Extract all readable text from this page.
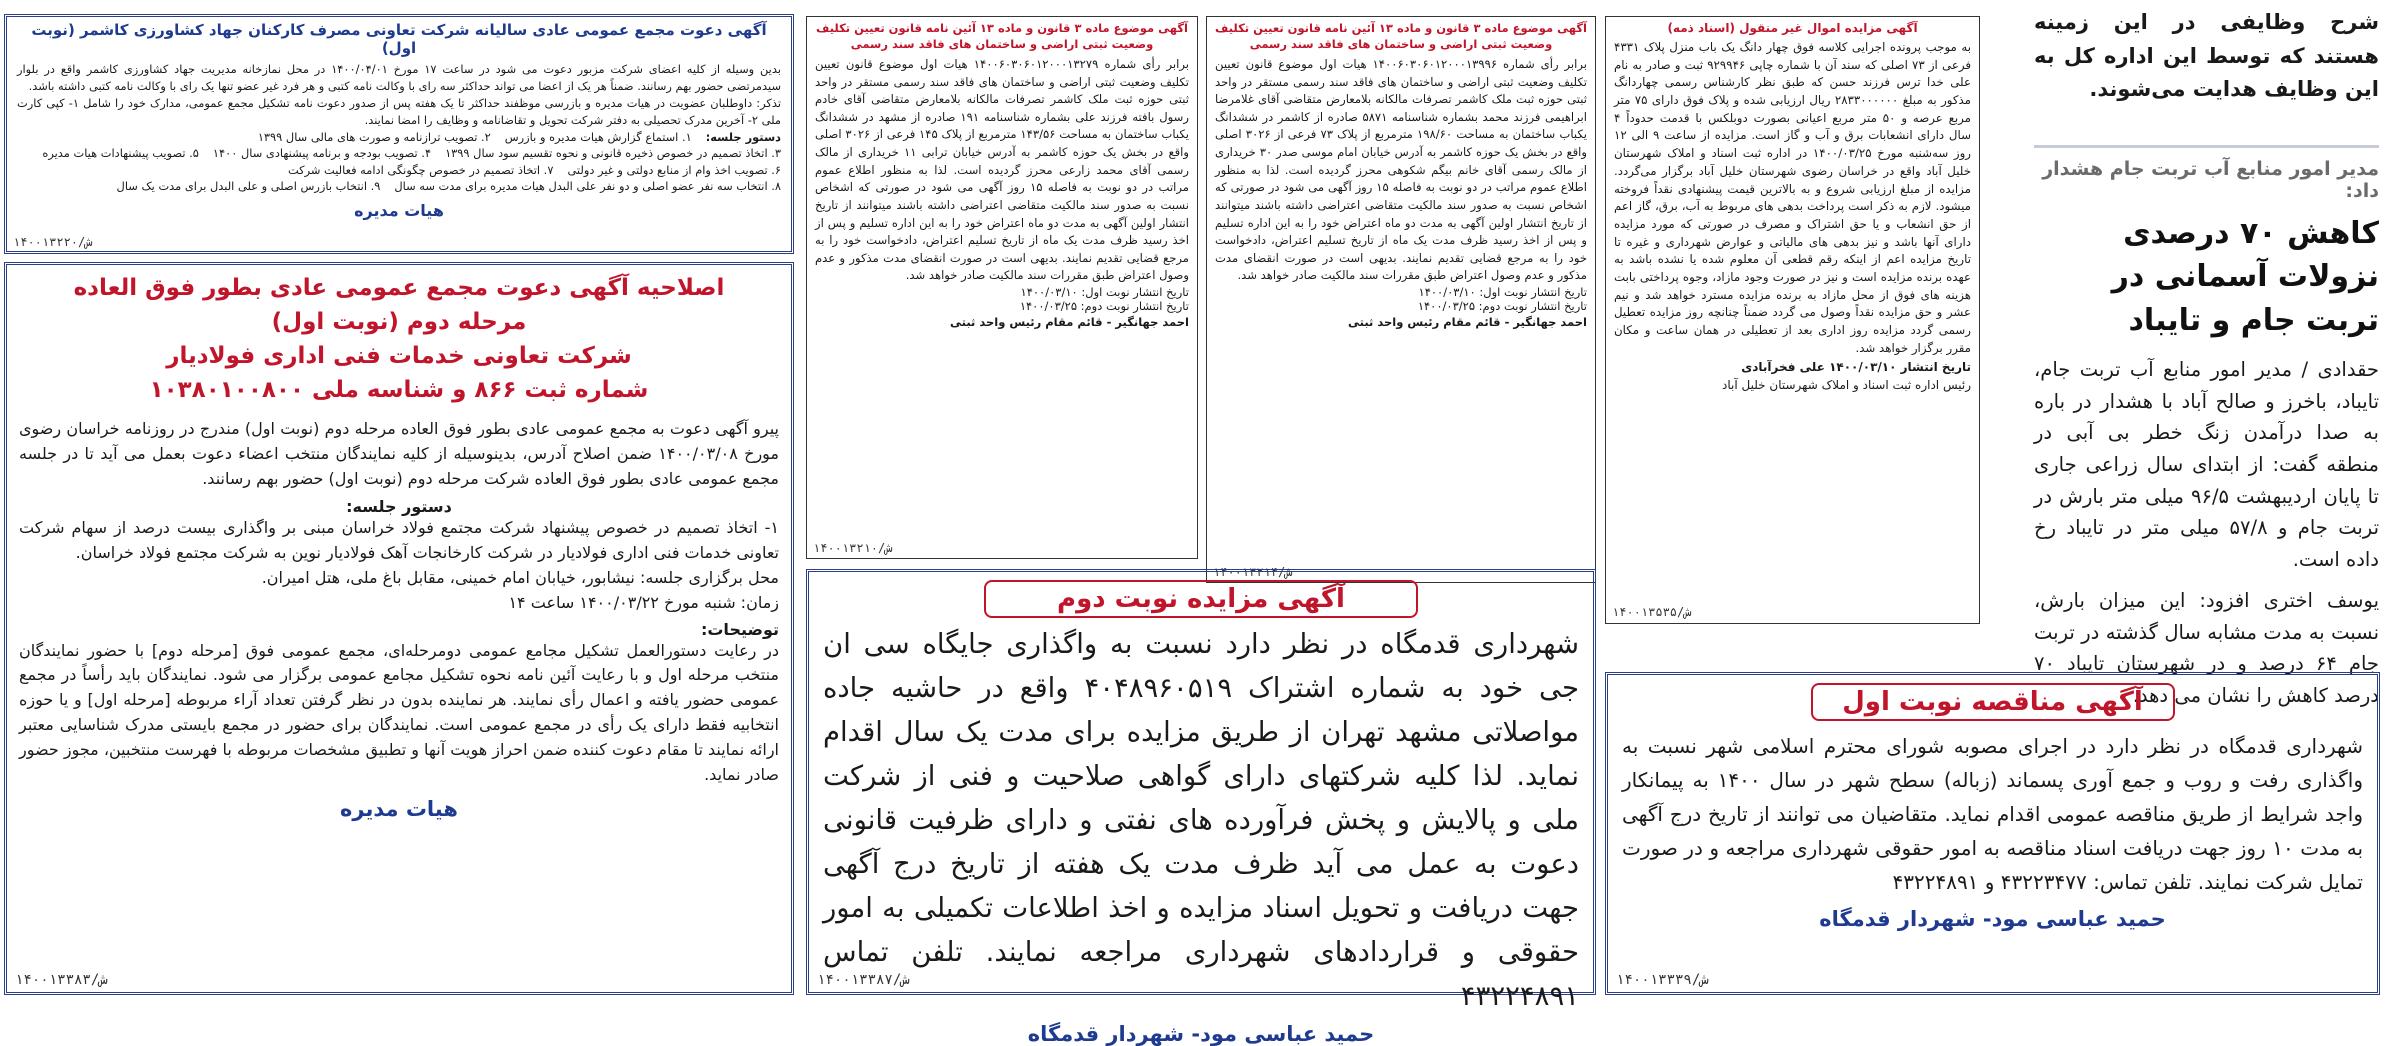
شرح وظایفی در این زمینه هستند که توسط این اداره کل به این وظایف هدایت می‌شوند.

مدیر امور منابع آب تربت جام هشدار داد:
کاهش ۷۰ درصدی نزولات آسمانی در تربت جام و تایباد

حقدادی / مدیر امور منابع آب تربت جام، تایباد، باخرز و صالح آباد با هشدار در باره به صدا درآمدن زنگ خطر بی آبی در منطقه گفت: از ابتدای سال زراعی جاری تا پایان اردیبهشت ۹۶/۵ میلی متر بارش در تربت جام و ۵۷/۸ میلی متر در تایباد رخ داده است.

یوسف اختری افزود: این میزان بارش، نسبت به مدت مشابه سال گذشته در تربت جام ۶۴ درصد و در شهرستان تایباد ۷۰ درصد کاهش را نشان می دهد.

آگهی مزایده اموال غیر منقول (اسناد ذمه)

به موجب پرونده اجرایی کلاسه فوق چهار دانگ یک باب منزل پلاک ۴۳۳۱ فرعی از ۷۳ اصلی که سند آن با شماره چاپی ۹۲۹۹۴۶ ثبت و صادر به نام علی خدا ترس فرزند حسن که طبق نظر کارشناس رسمی چهاردانگ مذکور به مبلغ ۲۸۳۳۰۰۰۰۰۰ ریال ارزیابی شده و پلاک فوق دارای ۷۵ متر مربع عرصه و ۵۰ متر مربع اعیانی بصورت دوبلکس با قدمت حدوداً ۴ سال دارای انشعابات برق و آب و گاز است. مزایده از ساعت ۹ الی ۱۲ روز سه‌شنبه مورخ ۱۴۰۰/۰۳/۲۵ در اداره ثبت اسناد و املاک شهرستان خلیل آباد واقع در خراسان رضوی شهرستان خلیل آباد برگزار می‌گردد. مزایده از مبلغ ارزیابی شروع و به بالاترین قیمت پیشنهادی نقداً فروخته میشود. لازم به ذکر است پرداخت بدهی های مربوط به آب، برق، گاز اعم از حق انشعاب و یا حق اشتراک و مصرف در صورتی که مورد مزایده دارای آنها باشد و نیز بدهی های مالیاتی و عوارض شهرداری و غیره تا تاریخ مزایده اعم از اینکه رقم قطعی آن معلوم شده یا نشده باشد به عهده برنده مزایده است و نیز در صورت وجود مازاد، وجوه پرداختی بابت هزینه های فوق از محل مازاد به برنده مزایده مسترد خواهد شد و نیم عشر و حق مزایده نقداً وصول می گردد ضمناً چنانچه روز مزایده تعطیل رسمی گردد مزایده روز اداری بعد از تعطیلی در همان ساعت و مکان مقرر برگزار خواهد شد.

تاریخ انتشار ۱۴۰۰/۰۳/۱۰ علی فخرآبادی
رئیس اداره ثبت اسناد و املاک شهرستان خلیل آباد
۱۴۰۰۱۳۵۳۵/ش
آگهی موضوع ماده ۳ قانون و ماده ۱۳ آئین نامه قانون تعیین تکلیف وضعیت ثبتی اراضی و ساختمان های فاقد سند رسمی

برابر رأی شماره ۱۴۰۰۶۰۳۰۶۰۱۲۰۰۰۱۳۹۹۶ هیات اول موضوع قانون تعیین تکلیف وضعیت ثبتی اراضی و ساختمان های فاقد سند رسمی مستقر در واحد ثبتی حوزه ثبت ملک کاشمر تصرفات مالکانه بلامعارض متقاضی آقای غلامرضا ابراهیمی فرزند محمد بشماره شناسنامه ۵۸۷۱ صادره از کاشمر در ششدانگ یکباب ساختمان به مساحت ۱۹۸/۶۰ مترمربع از پلاک ۷۳ فرعی از ۳۰۲۶ اصلی واقع در بخش یک حوزه کاشمر به آدرس خیابان امام موسی صدر ۳۰ خریداری از مالک رسمی آقای خانم بیگم شکوهی محرز گردیده است. لذا به منظور اطلاع عموم مراتب در دو نوبت به فاصله ۱۵ روز آگهی می شود در صورتی که اشخاص نسبت به صدور سند مالکیت متقاضی اعتراضی داشته باشند میتوانند از تاریخ انتشار اولین آگهی به مدت دو ماه اعتراض خود را به این اداره تسلیم و پس از اخذ رسید ظرف مدت یک ماه از تاریخ تسلیم اعتراض، دادخواست خود را به مرجع قضایی تقدیم نمایند. بدیهی است در صورت انقضای مدت مذکور و عدم وصول اعتراض طبق مقررات سند مالکیت صادر خواهد شد.

تاریخ انتشار نوبت اول: ۱۴۰۰/۰۳/۱۰
تاریخ انتشار نوبت دوم: ۱۴۰۰/۰۳/۲۵
احمد جهانگیر - قائم مقام رئیس واحد ثبتی
۱۴۰۰۱۳۲۱۴/ش
آگهی موضوع ماده ۳ قانون و ماده ۱۳ آئین نامه قانون تعیین تکلیف وضعیت ثبتی اراضی و ساختمان های فاقد سند رسمی

برابر رأی شماره ۱۴۰۰۶۰۳۰۶۰۱۲۰۰۰۱۳۲۷۹ هیات اول موضوع قانون تعیین تکلیف وضعیت ثبتی اراضی و ساختمان های فاقد سند رسمی مستقر در واحد ثبتی حوزه ثبت ملک کاشمر تصرفات مالکانه بلامعارض متقاضی آقای خادم رسول بافته فرزند علی بشماره شناسنامه ۱۹۱ صادره از مشهد در ششدانگ یکباب ساختمان به مساحت ۱۴۳/۵۶ مترمربع از پلاک ۱۴۵ فرعی از ۳۰۲۶ اصلی واقع در بخش یک حوزه کاشمر به آدرس خیابان ترابی ۱۱ خریداری از مالک رسمی آقای محمد زارعی محرز گردیده است. لذا به منظور اطلاع عموم مراتب در دو نوبت به فاصله ۱۵ روز آگهی می شود در صورتی که اشخاص نسبت به صدور سند مالکیت متقاضی اعتراضی داشته باشند میتوانند از تاریخ انتشار اولین آگهی به مدت دو ماه اعتراض خود را به این اداره تسلیم و پس از اخذ رسید ظرف مدت یک ماه از تاریخ تسلیم اعتراض، دادخواست خود را به مرجع قضایی تقدیم نمایند. بدیهی است در صورت انقضای مدت مذکور و عدم وصول اعتراض طبق مقررات سند مالکیت صادر خواهد شد.

تاریخ انتشار نوبت اول: ۱۴۰۰/۰۳/۱۰
تاریخ انتشار نوبت دوم: ۱۴۰۰/۰۳/۲۵
احمد جهانگیر - قائم مقام رئیس واحد ثبتی
۱۴۰۰۱۳۲۱۰/ش
آگهی دعوت مجمع عمومی عادی سالیانه شرکت تعاونی مصرف کارکنان جهاد کشاورزی کاشمر (نوبت اول)

بدین وسیله از کلیه اعضای شرکت مزبور دعوت می شود در ساعت ۱۷ مورخ ۱۴۰۰/۰۴/۰۱ در محل نمازخانه مدیریت جهاد کشاورزی کاشمر واقع در بلوار سیدمرتضی حضور بهم رسانند. ضمناً هر یک از اعضا می تواند حداکثر سه رای با وکالت نامه کتبی و هر فرد غیر عضو تنها یک رای با وکالت نامه کتبی داشته باشد.

تذکر: داوطلبان عضویت در هیات مدیره و بازرسی موظفند حداکثر تا یک هفته پس از صدور دعوت نامه تشکیل مجمع عمومی، مدارک خود را شامل ۱- کپی کارت ملی ۲- آخرین مدرک تحصیلی به دفتر شرکت تحویل و تقاضانامه و وظایف را امضا نمایند.

دستور جلسه:
۱. استماع گزارش هیات مدیره و بازرس
۲. تصویب ترازنامه و صورت های مالی سال ۱۳۹۹
۳. اتخاذ تصمیم در خصوص ذخیره قانونی و نحوه تقسیم سود سال ۱۳۹۹
۴. تصویب بودجه و برنامه پیشنهادی سال ۱۴۰۰
۵. تصویب پیشنهادات هیات مدیره
۶. تصویب اخذ وام از منابع دولتی و غیر دولتی
۷. اتخاذ تصمیم در خصوص چگونگی ادامه فعالیت شرکت
۸. انتخاب سه نفر عضو اصلی و دو نفر علی البدل هیات مدیره برای مدت سه سال
۹. انتخاب بازرس اصلی و علی البدل برای مدت یک سال
هیات مدیره
۱۴۰۰۱۳۲۲۰/ش
اصلاحیه آگهی دعوت مجمع عمومی عادی بطور فوق العاده
مرحله دوم (نوبت اول)
شرکت تعاونی خدمات فنی اداری فولادیار
شماره ثبت ۸۶۶ و شناسه ملی ۱۰۳۸۰۱۰۰۸۰۰

پیرو آگهی دعوت به مجمع عمومی عادی بطور فوق العاده مرحله دوم (نوبت اول) مندرج در روزنامه خراسان رضوی مورخ ۱۴۰۰/۰۳/۰۸ ضمن اصلاح آدرس، بدینوسیله از کلیه نمایندگان منتخب اعضاء دعوت بعمل می آید تا در جلسه مجمع عمومی عادی بطور فوق العاده شرکت مرحله دوم (نوبت اول) حضور بهم رسانند.

دستور جلسه:

۱- اتخاذ تصمیم در خصوص پیشنهاد شرکت مجتمع فولاد خراسان مبنی بر واگذاری بیست درصد از سهام شرکت تعاونی خدمات فنی اداری فولادیار در شرکت کارخانجات آهک فولادیار نوین به شرکت مجتمع فولاد خراسان.

محل برگزاری جلسه: نیشابور، خیابان امام خمینی، مقابل باغ ملی، هتل امیران.
زمان: شنبه مورخ ۱۴۰۰/۰۳/۲۲ ساعت ۱۴
توضیحات:

در رعایت دستورالعمل تشکیل مجامع عمومی دومرحله‌ای، مجمع عمومی فوق [مرحله دوم] با حضور نمایندگان منتخب مرحله اول و با رعایت آئین نامه نحوه تشکیل مجامع عمومی برگزار می شود. نمایندگان باید رأساً در مجمع عمومی حضور یافته و اعمال رأی نمایند. هر نماینده بدون در نظر گرفتن تعداد آراء مربوطه [مرحله اول] و یا حوزه انتخابیه فقط دارای یک رأی در مجمع عمومی است. نمایندگان برای حضور در مجمع بایستی مدرک شناسایی معتبر ارائه نمایند تا مقام دعوت کننده ضمن احراز هویت آنها و تطبیق مشخصات مربوطه با فهرست منتخبین، مجوز حضور صادر نماید.

هیات مدیره
۱۴۰۰۱۳۳۸۳/ش
آگهی مزایده نوبت دوم

شهرداری قدمگاه در نظر دارد نسبت به واگذاری جایگاه سی ان جی خود به شماره اشتراک ۴۰۴۸۹۶۰۵۱۹ واقع در حاشیه جاده مواصلاتی مشهد تهران از طریق مزایده برای مدت یک سال اقدام نماید. لذا کلیه شرکتهای دارای گواهی صلاحیت و فنی از شرکت ملی و پالایش و پخش فرآورده های نفتی و دارای ظرفیت قانونی دعوت به عمل می آید ظرف مدت یک هفته از تاریخ درج آگهی جهت دریافت و تحویل اسناد مزایده و اخذ اطلاعات تکمیلی به امور حقوقی و قراردادهای شهرداری مراجعه نمایند. تلفن تماس ۴۳۲۲۴۸۹۱

حمید عباسی مود- شهردار قدمگاه
۱۴۰۰۱۳۳۸۷/ش
آگهی مناقصه نوبت اول

شهرداری قدمگاه در نظر دارد در اجرای مصوبه شورای محترم اسلامی شهر نسبت به واگذاری رفت و روب و جمع آوری پسماند (زباله) سطح شهر در سال ۱۴۰۰ به پیمانکار واجد شرایط از طریق مناقصه عمومی اقدام نماید. متقاضیان می توانند از تاریخ درج آگهی به مدت ۱۰ روز جهت دریافت اسناد مناقصه به امور حقوقی شهرداری مراجعه و در صورت تمایل شرکت نمایند. تلفن تماس: ۴۳۲۲۳۴۷۷ و ۴۳۲۲۴۸۹۱

حمید عباسی مود- شهردار قدمگاه
۱۴۰۰۱۳۳۳۹/ش
